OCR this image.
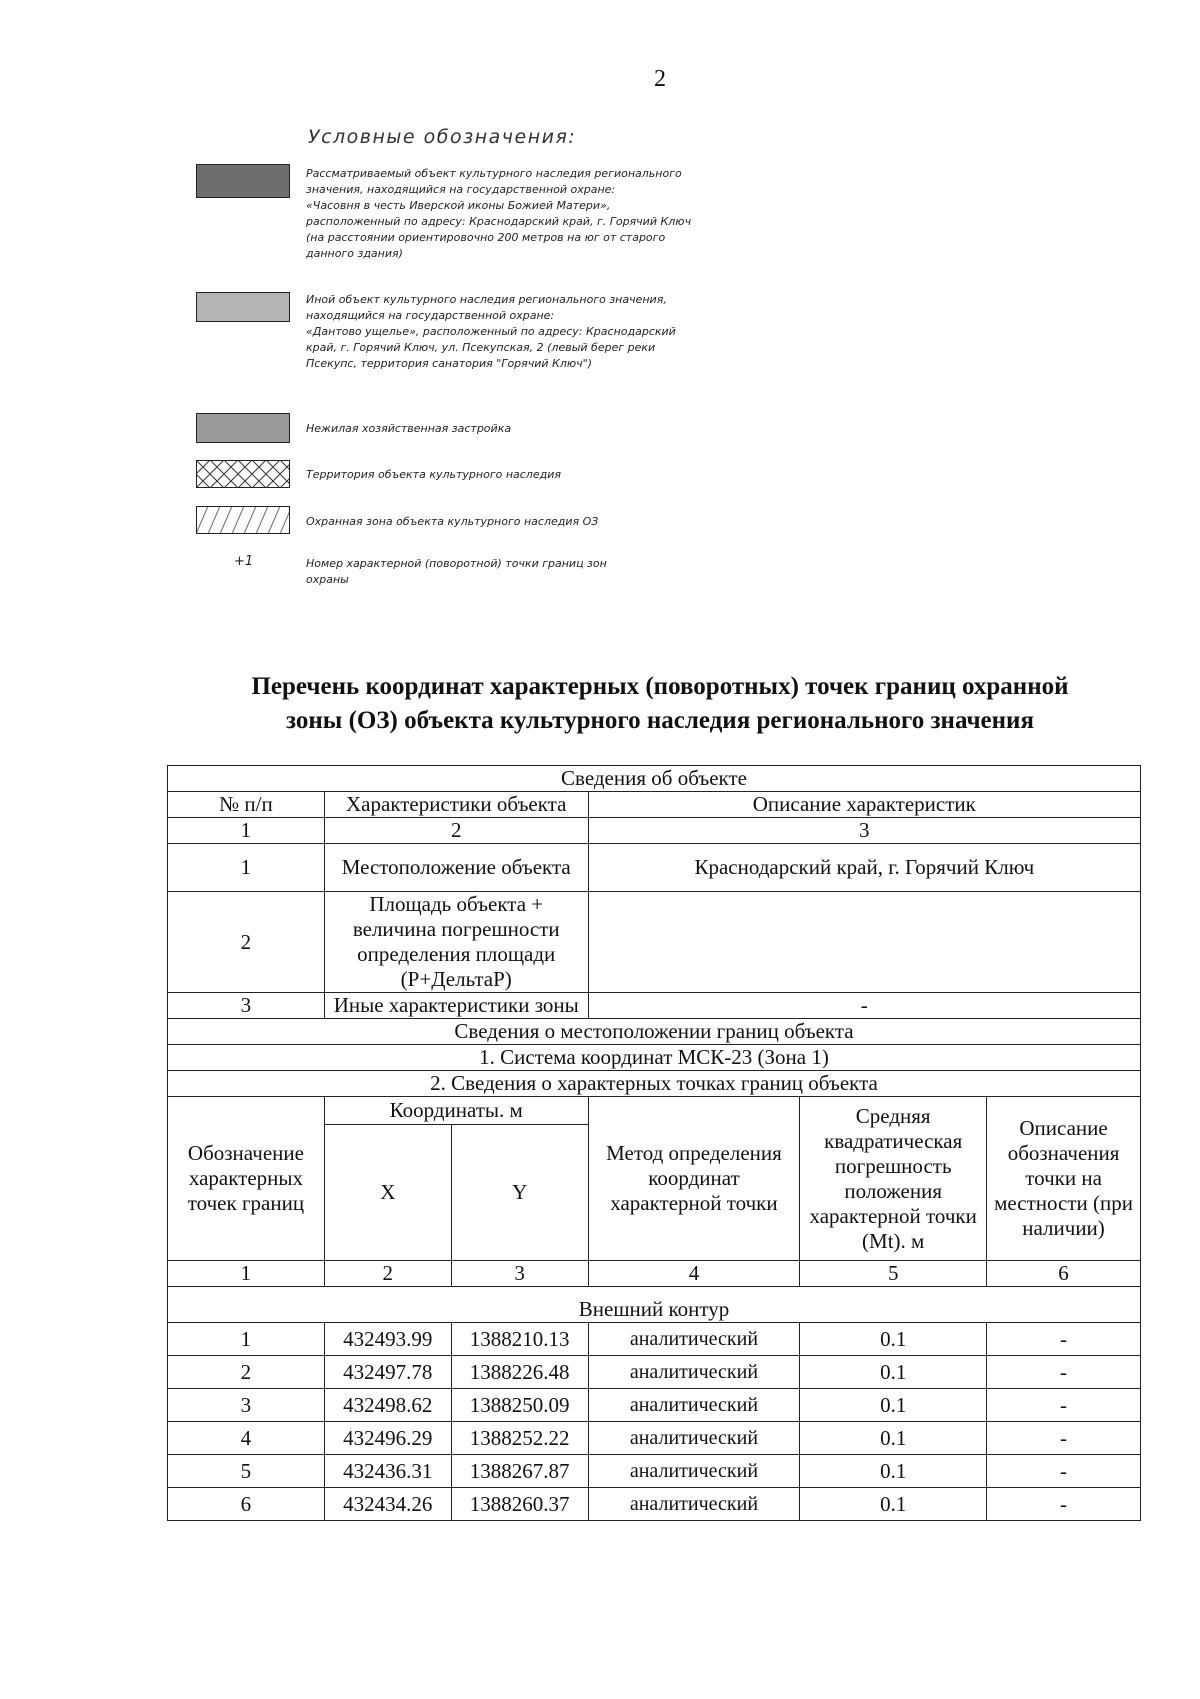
2
Условные обозначения:
Рассматриваемый объект культурного наследия регионального
значения, находящийся на государственной охране:
«Часовня в честь Иверской иконы Божией Матери»,
расположенный по адресу: Краснодарский край, г. Горячий Ключ
(на расстоянии ориентировочно 200 метров на юг от старого
данного здания)
Иной объект культурного наследия регионального значения,
находящийся на государственной охране:
«Дантово ущелье», расположенный по адресу: Краснодарский
край, г. Горячий Ключ, ул. Псекупская, 2 (левый берег реки
Псекупс, территория санатория "Горячий Ключ")
Нежилая хозяйственная застройка
Территория объекта культурного наследия
Охранная зона объекта культурного наследия ОЗ
+1	Номер характерной (поворотной) точки границ зон
охраны
Перечень координат характерных (поворотных) точек границ охранной
зоны (ОЗ) объекта культурного наследия регионального значения
Сведения об объекте					
№ п/п	Характеристики объекта		Описание характеристик		
1	2		3		
1	Местоположение объекта		Краснодарский край, г. Горячий Ключ		
2	Площадь объекта + величина погрешности определения площади (Р+ДельтаР)				
3	Иные характеристики зоны		-		
Сведения о местоположении границ объекта					
1. Система координат МСК-23 (Зона 1)					
2. Сведения о характерных точках границ объекта					
Обозначение характерных точек границ	Координаты. м		Метод определения координат характерной точки	Средняя квадратическая погрешность положения характерной точки (Mt). м	Описание обозначения точки на местности (при наличии)
	X	Y			
1	2	3	4	5	6
Внешний контур					
1	432493.99	1388210.13	аналитический	0.1	-
2	432497.78	1388226.48	аналитический	0.1	-
3	432498.62	1388250.09	аналитический	0.1	-
4	432496.29	1388252.22	аналитический	0.1	-
5	432436.31	1388267.87	аналитический	0.1	-
6	432434.26	1388260.37	аналитический	0.1	-
